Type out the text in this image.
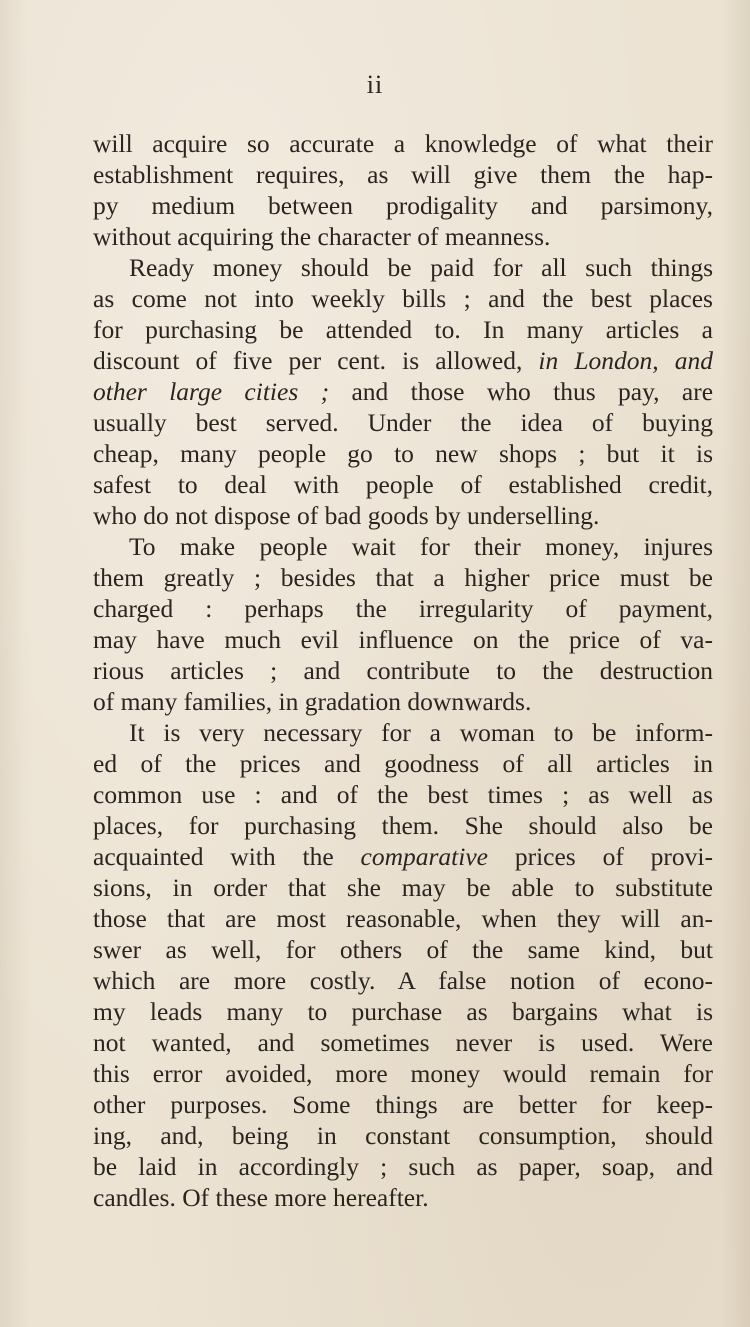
ii
will acquire so accurate a knowledge of what their
establishment requires, as will give them the hap-
py medium between prodigality and parsimony,
without acquiring the character of meanness.
Ready money should be paid for all such things
as come not into weekly bills ; and the best places
for purchasing be attended to. In many articles a
discount of five per cent. is allowed, in London, and
other large cities ; and those who thus pay, are
usually best served. Under the idea of buying
cheap, many people go to new shops ; but it is
safest to deal with people of established credit,
who do not dispose of bad goods by underselling.
To make people wait for their money, injures
them greatly ; besides that a higher price must be
charged : perhaps the irregularity of payment,
may have much evil influence on the price of va-
rious articles ; and contribute to the destruction
of many families, in gradation downwards.
It is very necessary for a woman to be inform-
ed of the prices and goodness of all articles in
common use : and of the best times ; as well as
places, for purchasing them. She should also be
acquainted with the comparative prices of provi-
sions, in order that she may be able to substitute
those that are most reasonable, when they will an-
swer as well, for others of the same kind, but
which are more costly. A false notion of econo-
my leads many to purchase as bargains what is
not wanted, and sometimes never is used. Were
this error avoided, more money would remain for
other purposes. Some things are better for keep-
ing, and, being in constant consumption, should
be laid in accordingly ; such as paper, soap, and
candles. Of these more hereafter.
